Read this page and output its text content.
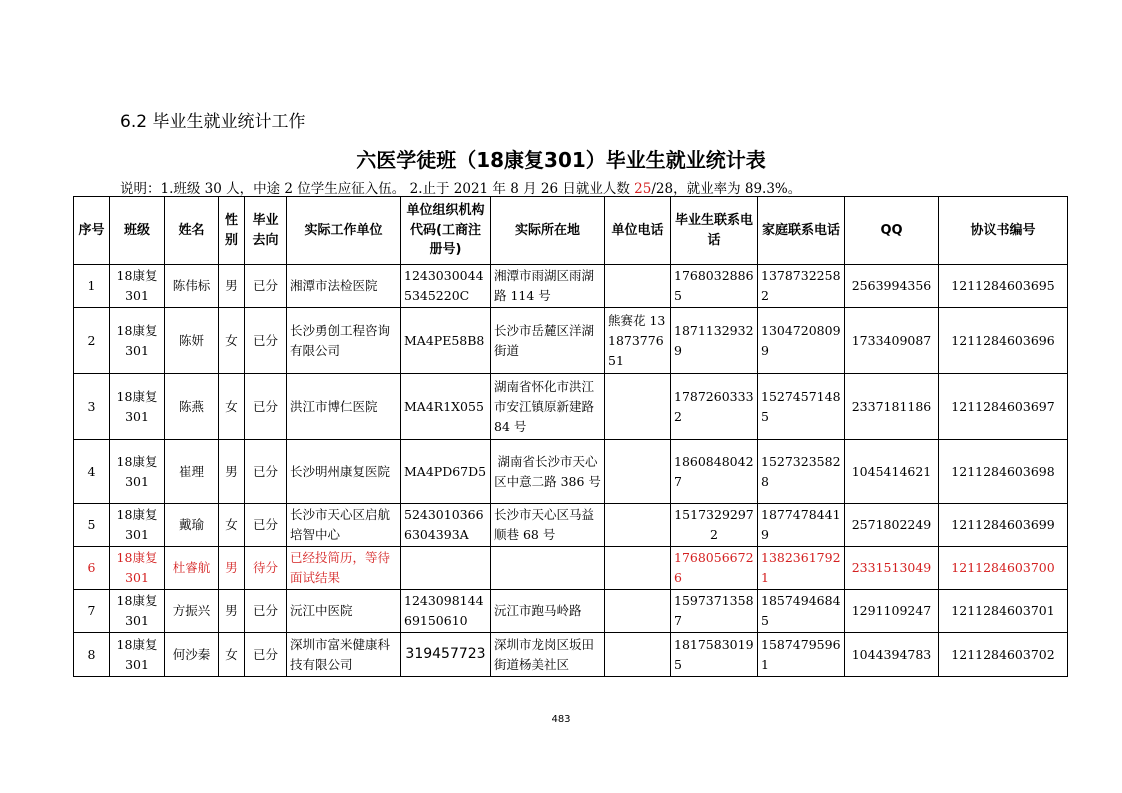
6.2 毕业生就业统计工作
六医学徒班（18康复301）毕业生就业统计表
说明：1.班级 30 人，中途 2 位学生应征入伍。 2.止于 2021 年 8 月 26 日就业人数 25/28，就业率为 89.3%。
序号	班级	姓名	性别	毕业去向	实际工作单位	单位组织机构代码(工商注册号)	实际所在地	单位电话	毕业生联系电话	家庭联系电话	QQ	协议书编号
1	18康复301	陈伟标	男	已分	湘潭市法检医院	12430300445345220C	湘潭市雨湖区雨湖路 114 号		17680328865	13787322582	2563994356	1211284603695
2	18康复301	陈妍	女	已分	长沙勇创工程咨询有限公司	MA4PE58B8	长沙市岳麓区洋湖街道	熊赛花 13187377651	18711329329	13047208099	1733409087	1211284603696
3	18康复301	陈燕	女	已分	洪江市博仁医院	MA4R1X055	湖南省怀化市洪江市安江镇原新建路 84 号		17872603332	15274571485	2337181186	1211284603697
4	18康复301	崔理	男	已分	长沙明州康复医院	MA4PD67D5	湖南省长沙市天心区中意二路 386 号		18608480427	15273235828	1045414621	1211284603698
5	18康复301	戴瑜	女	已分	长沙市天心区启航培智中心	52430103666304393A	长沙市天心区马益顺巷 68 号		15173292972	18774784419	2571802249	1211284603699
6	18康复301	杜睿航	男	待分	已经投简历，等待面试结果				17680566726	13823617921	2331513049	1211284603700
7	18康复301	方振兴	男	已分	沅江中医院	124309814469150610	沅江市跑马岭路		15973713587	18574946845	1291109247	1211284603701
8	18康复301	何沙秦	女	已分	深圳市富米健康科技有限公司	319457723	深圳市龙岗区坂田街道杨美社区		18175830195	15874795961	1044394783	1211284603702
483
